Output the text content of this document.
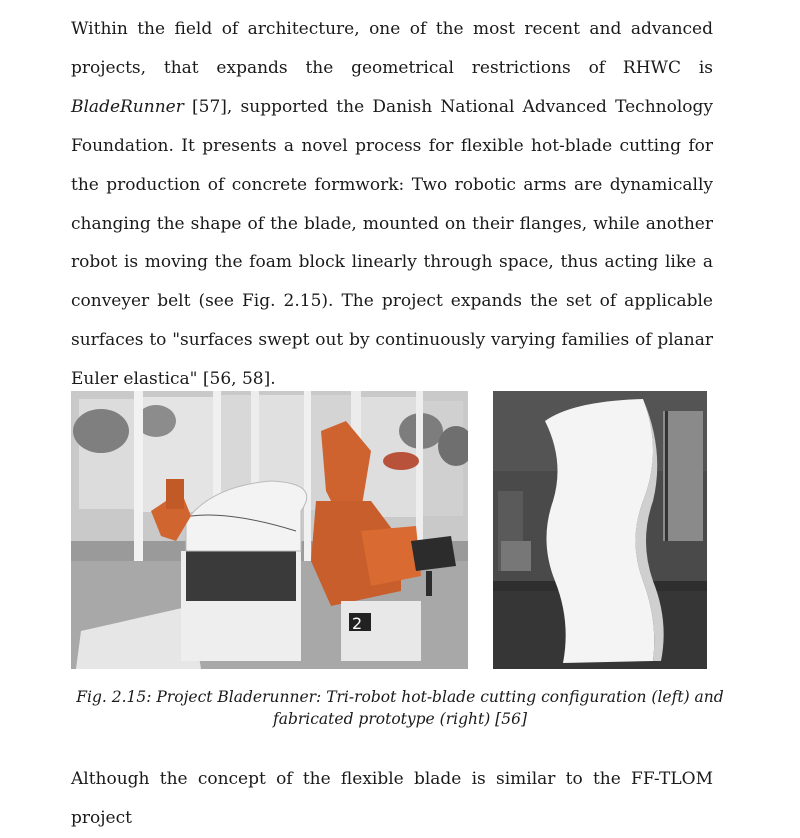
Within the field of architecture, one of the most recent and advanced projects, that expands the geometrical restrictions of RHWC is BladeRunner [57], supported the Danish National Advanced Technology Foundation. It presents a novel process for flexible hot-blade cutting for the production of concrete formwork: Two robotic arms are dynamically changing the shape of the blade, mounted on their flanges, while another robot is moving the foam block linearly through space, thus acting like a conveyer belt (see Fig. 2.15). The project expands the set of applicable surfaces to "surfaces swept out by continuously varying families of planar Euler elastica" [56, 58].

2

Fig. 2.15: Project Bladerunner: Tri-robot hot-blade cutting configuration (left) and fabricated prototype (right) [56]

Although the concept of the flexible blade is similar to the FF-TLOM project
